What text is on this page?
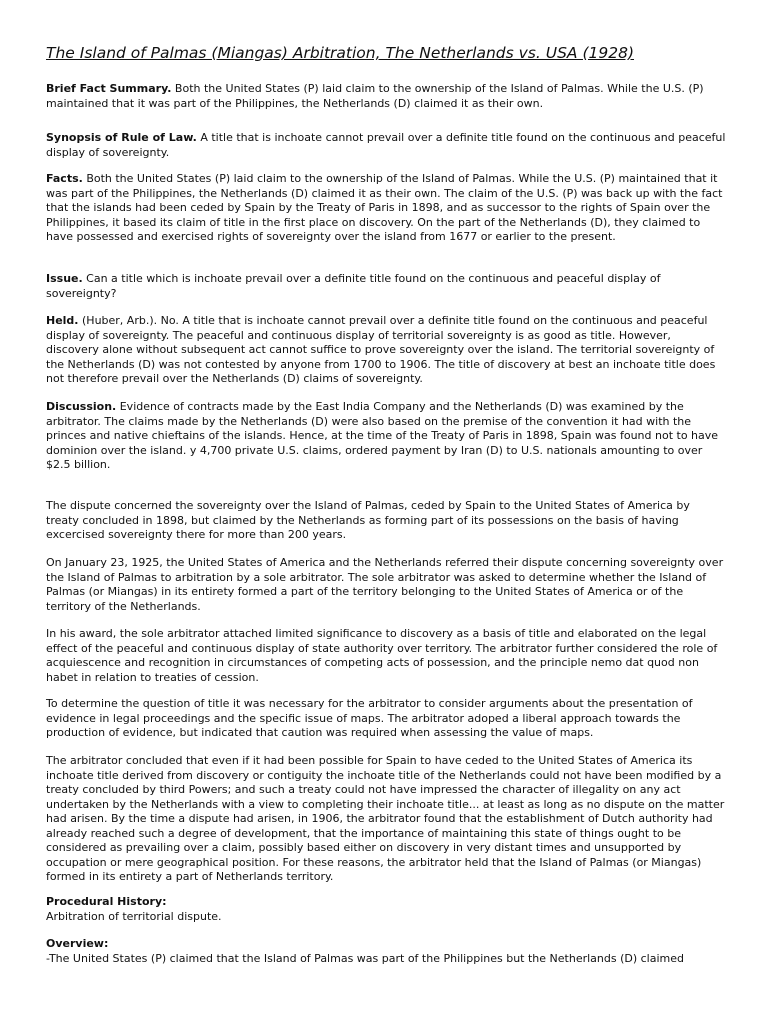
The Island of Palmas (Miangas) Arbitration, The Netherlands vs. USA (1928)

Brief Fact Summary. Both the United States (P) laid claim to the ownership of the Island of Palmas. While the U.S. (P) maintained that it was part of the Philippines, the Netherlands (D) claimed it as their own.

Synopsis of Rule of Law. A title that is inchoate cannot prevail over a definite title found on the continuous and peaceful display of sovereignty.

Facts. Both the United States (P) laid claim to the ownership of the Island of Palmas. While the U.S. (P) maintained that it was part of the Philippines, the Netherlands (D) claimed it as their own. The claim of the U.S. (P) was back up with the fact that the islands had been ceded by Spain by the Treaty of Paris in 1898, and as successor to the rights of Spain over the Philippines, it based its claim of title in the first place on discovery. On the part of the Netherlands (D), they claimed to have possessed and exercised rights of sovereignty over the island from 1677 or earlier to the present.

Issue. Can a title which is inchoate prevail over a definite title found on the continuous and peaceful display of sovereignty?

Held. (Huber, Arb.). No. A title that is inchoate cannot prevail over a definite title found on the continuous and peaceful display of sovereignty. The peaceful and continuous display of territorial sovereignty is as good as title. However, discovery alone without subsequent act cannot suffice to prove sovereignty over the island. The territorial sovereignty of the Netherlands (D) was not contested by anyone from 1700 to 1906. The title of discovery at best an inchoate title does not therefore prevail over the Netherlands (D) claims of sovereignty.

Discussion. Evidence of contracts made by the East India Company and the Netherlands (D) was examined by the arbitrator. The claims made by the Netherlands (D) were also based on the premise of the convention it had with the princes and native chieftains of the islands. Hence, at the time of the Treaty of Paris in 1898, Spain was found not to have dominion over the island. y 4,700 private U.S. claims, ordered payment by Iran (D) to U.S. nationals amounting to over $2.5 billion.

The dispute concerned the sovereignty over the Island of Palmas, ceded by Spain to the United States of America by treaty concluded in 1898, but claimed by the Netherlands as forming part of its possessions on the basis of having excercised sovereignty there for more than 200 years.

On January 23, 1925, the United States of America and the Netherlands referred their dispute concerning sovereignty over the Island of Palmas to arbitration by a sole arbitrator. The sole arbitrator was asked to determine whether the Island of Palmas (or Miangas) in its entirety formed a part of the territory belonging to the United States of America or of the territory of the Netherlands.

In his award, the sole arbitrator attached limited significance to discovery as a basis of title and elaborated on the legal effect of the peaceful and continuous display of state authority over territory. The arbitrator further considered the role of acquiescence and recognition in circumstances of competing acts of possession, and the principle nemo dat quod non habet in relation to treaties of cession.

To determine the question of title it was necessary for the arbitrator to consider arguments about the presentation of evidence in legal proceedings and the specific issue of maps. The arbitrator adoped a liberal approach towards the production of evidence, but indicated that caution was required when assessing the value of maps.

The arbitrator concluded that even if it had been possible for Spain to have ceded to the United States of America its inchoate title derived from discovery or contiguity the inchoate title of the Netherlands could not have been modified by a treaty concluded by third Powers; and such a treaty could not have impressed the character of illegality on any act undertaken by the Netherlands with a view to completing their inchoate title... at least as long as no dispute on the matter had arisen. By the time a dispute had arisen, in 1906, the arbitrator found that the establishment of Dutch authority had already reached such a degree of development, that the importance of maintaining this state of things ought to be considered as prevailing over a claim, possibly based either on discovery in very distant times and unsupported by occupation or mere geographical position. For these reasons, the arbitrator held that the Island of Palmas (or Miangas) formed in its entirety a part of Netherlands territory.

Procedural History:
Arbitration of territorial dispute.

Overview:
-The United States (P) claimed that the Island of Palmas was part of the Philippines but the Netherlands (D) claimed
